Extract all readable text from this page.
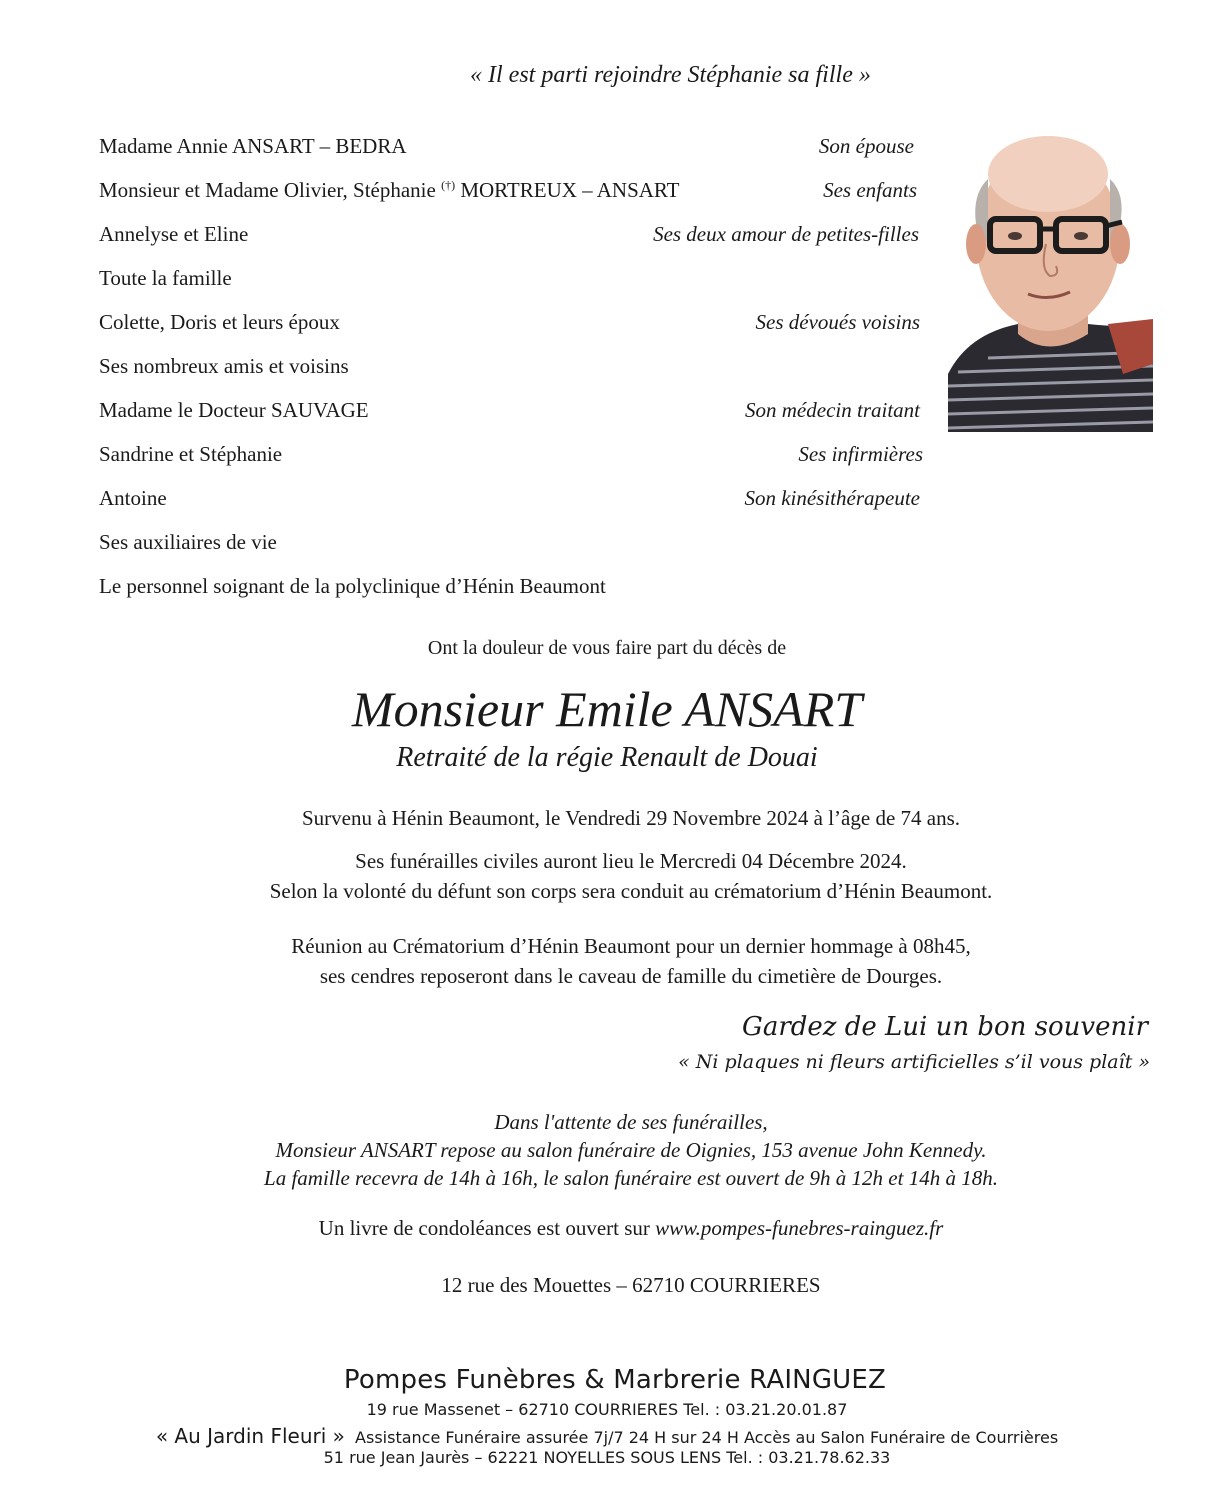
« Il est parti rejoindre Stéphanie sa fille »
Madame Annie ANSART – BEDRA	Son épouse
Monsieur et Madame Olivier, Stéphanie (†) MORTREUX – ANSART	Ses enfants
Annelyse et Eline	Ses deux amour de petites-filles
Toute la famille
Colette, Doris et leurs époux	Ses dévoués voisins
Ses nombreux amis et voisins
Madame le Docteur SAUVAGE	Son médecin traitant
Sandrine et Stéphanie	Ses infirmières
Antoine	Son kinésithérapeute
Ses auxiliaires de vie
Le personnel soignant de la polyclinique d’Hénin Beaumont
Ont la douleur de vous faire part du décès de
Monsieur Emile ANSART
Retraité de la régie Renault de Douai
Survenu à Hénin Beaumont, le Vendredi 29 Novembre 2024 à l’âge de 74 ans.
Ses funérailles civiles auront lieu le Mercredi 04 Décembre 2024.
Selon la volonté du défunt son corps sera conduit au crématorium d’Hénin Beaumont.
Réunion au Crématorium d’Hénin Beaumont pour un dernier hommage à 08h45,
ses cendres reposeront dans le caveau de famille du cimetière de Dourges.
Gardez de Lui un bon souvenir
« Ni plaques ni fleurs artificielles s’il vous plaît »
Dans l'attente de ses funérailles,
Monsieur ANSART repose au salon funéraire de Oignies, 153 avenue John Kennedy.
La famille recevra de 14h à 16h, le salon funéraire est ouvert de 9h à 12h et 14h à 18h.
Un livre de condoléances est ouvert sur www.pompes-funebres-rainguez.fr
12 rue des Mouettes – 62710 COURRIERES
Pompes Funèbres & Marbrerie RAINGUEZ
19 rue Massenet – 62710 COURRIERES Tel. : 03.21.20.01.87
« Au Jardin Fleuri » Assistance Funéraire assurée 7j/7 24 H sur 24 H Accès au Salon Funéraire de Courrières
51 rue Jean Jaurès – 62221 NOYELLES SOUS LENS Tel. : 03.21.78.62.33
